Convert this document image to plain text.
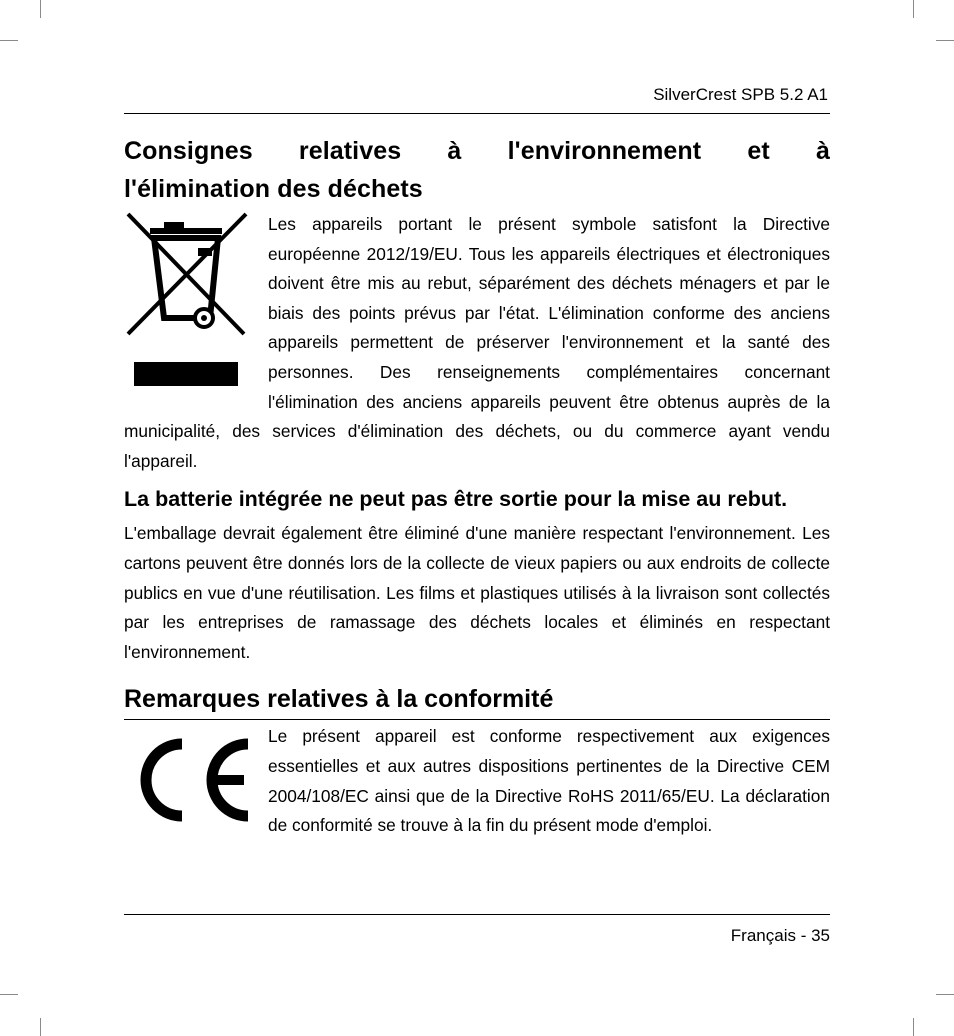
SilverCrest SPB 5.2 A1
Consignes relatives à l'environnement et à
l'élimination des déchets

Les appareils portant le présent symbole satisfont la Directive européenne 2012/19/EU. Tous les appareils électriques et électroniques doivent être mis au rebut, séparément des déchets ménagers et par le biais des points prévus par l'état. L'élimination conforme des anciens appareils permettent de préserver l'environnement et la santé des personnes. Des renseignements complémentaires concernant l'élimination des anciens appareils peuvent être obtenus auprès de la municipalité, des services d'élimination des déchets, ou du commerce ayant vendu l'appareil.

La batterie intégrée ne peut pas être sortie pour la mise au rebut.

L'emballage devrait également être éliminé d'une manière respectant l'environnement. Les cartons peuvent être donnés lors de la collecte de vieux papiers ou aux endroits de collecte publics en vue d'une réutilisation. Les films et plastiques utilisés à la livraison sont collectés par les entreprises de ramassage des déchets locales et éliminés en respectant l'environnement.

Remarques relatives à la conformité

Le présent appareil est conforme respectivement aux exigences essentielles et aux autres dispositions pertinentes de la Directive CEM 2004/108/EC ainsi que de la Directive RoHS 2011/65/EU. La déclaration de conformité se trouve à la fin du présent mode d'emploi.

Français - 35
